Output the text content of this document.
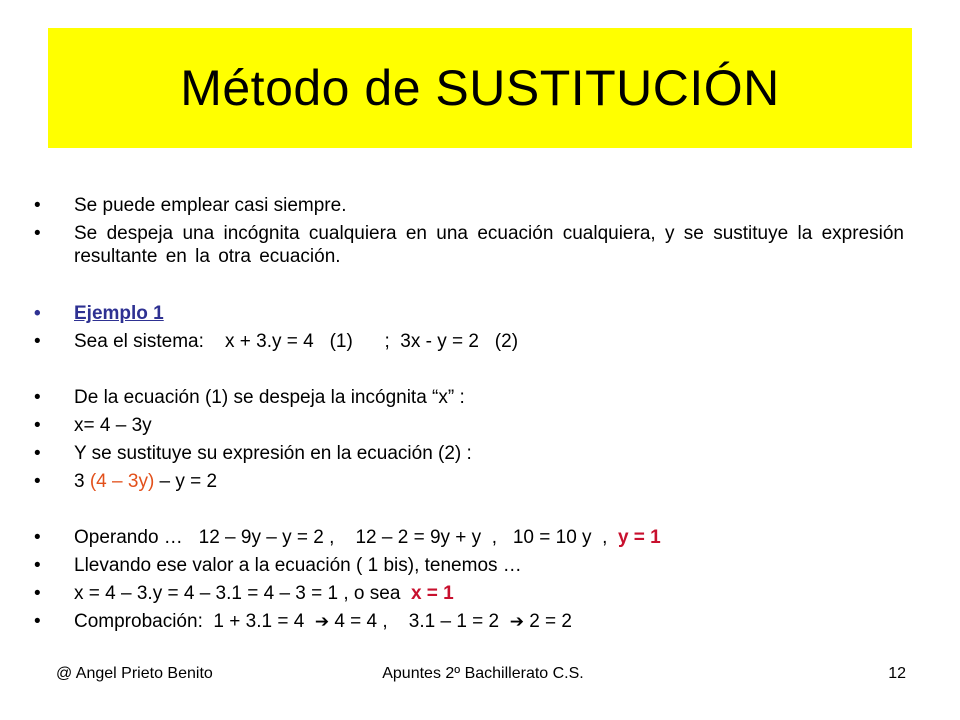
Método de SUSTITUCIÓN
•	Se puede emplear casi siempre.
•	Se despeja una incógnita cualquiera en una ecuación cualquiera, y se sustituye la expresión resultante en la otra ecuación.
•	Ejemplo 1
•	Sea el sistema:    x + 3.y = 4   (1)      ;  3x - y = 2   (2)
•	De la ecuación (1) se despeja la incógnita “x” :
•	x= 4 – 3y
•	Y se sustituye su expresión en la ecuación (2) :
•	3 (4 – 3y) – y = 2
•	Operando …   12 – 9y – y = 2 ,    12 – 2 = 9y + y  ,   10 = 10 y  ,  y = 1
•	Llevando ese valor a la ecuación ( 1 bis), tenemos …
•	x = 4 – 3.y = 4 – 3.1 = 4 – 3 = 1 , o sea  x = 1
•	Comprobación:  1 + 3.1 = 4  ➔ 4 = 4 ,    3.1 – 1 = 2  ➔ 2 = 2
@ Angel Prieto Benito	Apuntes 2º Bachillerato C.S.	12
